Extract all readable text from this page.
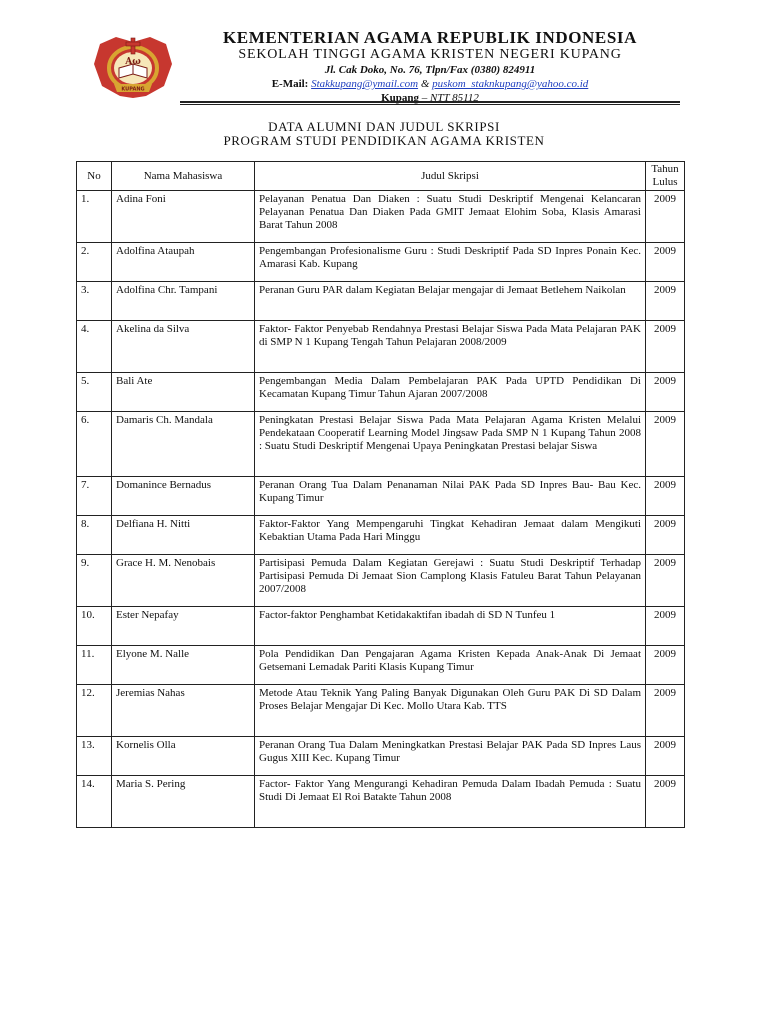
Aω
KUPANG
KEMENTERIAN AGAMA REPUBLIK INDONESIA
SEKOLAH TINGGI AGAMA KRISTEN NEGERI KUPANG
Jl. Cak Doko, No. 76, Tlpn/Fax (0380) 824911
E-Mail: Stakkupang@ymail.com & puskom_staknkupang@yahoo.co.id
Kupang – NTT 85112
DATA ALUMNI DAN JUDUL SKRIPSI
PROGRAM STUDI PENDIDIKAN AGAMA KRISTEN
No	Nama Mahasiswa	Judul Skripsi	Tahun
Lulus
1.	Adina Foni	Pelayanan Penatua Dan Diaken : Suatu Studi Deskriptif Mengenai Kelancaran Pelayanan Penatua Dan Diaken Pada GMIT Jemaat Elohim Soba, Klasis Amarasi Barat Tahun 2008	2009
2.	Adolfina Ataupah	Pengembangan Profesionalisme Guru : Studi Deskriptif Pada SD Inpres Ponain Kec. Amarasi Kab. Kupang	2009
3.	Adolfina Chr. Tampani	Peranan Guru PAR dalam Kegiatan Belajar mengajar di Jemaat Betlehem Naikolan	2009
4.	Akelina da Silva	Faktor- Faktor Penyebab Rendahnya Prestasi Belajar Siswa Pada Mata Pelajaran PAK di SMP N 1 Kupang Tengah Tahun Pelajaran 2008/2009	2009
5.	Bali Ate	Pengembangan Media Dalam Pembelajaran PAK Pada UPTD Pendidikan Di Kecamatan Kupang Timur Tahun Ajaran 2007/2008	2009
6.	Damaris Ch. Mandala	Peningkatan Prestasi Belajar Siswa Pada Mata Pelajaran Agama Kristen Melalui Pendekataan Cooperatif Learning Model Jingsaw Pada SMP N 1 Kupang Tahun 2008 : Suatu Studi Deskriptif Mengenai Upaya Peningkatan Prestasi belajar Siswa	2009
7.	Domanince Bernadus	Peranan Orang Tua Dalam Penanaman Nilai PAK Pada SD Inpres Bau- Bau Kec. Kupang Timur	2009
8.	Delfiana H. Nitti	Faktor-Faktor Yang Mempengaruhi Tingkat Kehadiran Jemaat dalam Mengikuti Kebaktian Utama Pada Hari Minggu	2009
9.	Grace H. M. Nenobais	Partisipasi Pemuda Dalam Kegiatan Gerejawi : Suatu Studi Deskriptif Terhadap Partisipasi Pemuda Di Jemaat Sion Camplong Klasis Fatuleu Barat Tahun Pelayanan 2007/2008	2009
10.	Ester Nepafay	Factor-faktor Penghambat Ketidakaktifan ibadah di SD N Tunfeu 1	2009
11.	Elyone M. Nalle	Pola Pendidikan Dan Pengajaran Agama Kristen Kepada Anak-Anak Di Jemaat Getsemani Lemadak Pariti Klasis Kupang Timur	2009
12.	Jeremias Nahas	Metode Atau Teknik Yang Paling Banyak Digunakan Oleh Guru PAK Di SD Dalam Proses Belajar Mengajar Di Kec. Mollo Utara Kab. TTS	2009
13.	Kornelis Olla	Peranan Orang Tua Dalam Meningkatkan Prestasi Belajar PAK Pada SD Inpres Laus Gugus XIII Kec. Kupang Timur	2009
14.	Maria S. Pering	Factor- Faktor Yang Mengurangi Kehadiran Pemuda Dalam Ibadah Pemuda : Suatu Studi Di Jemaat El Roi Batakte Tahun 2008	2009
